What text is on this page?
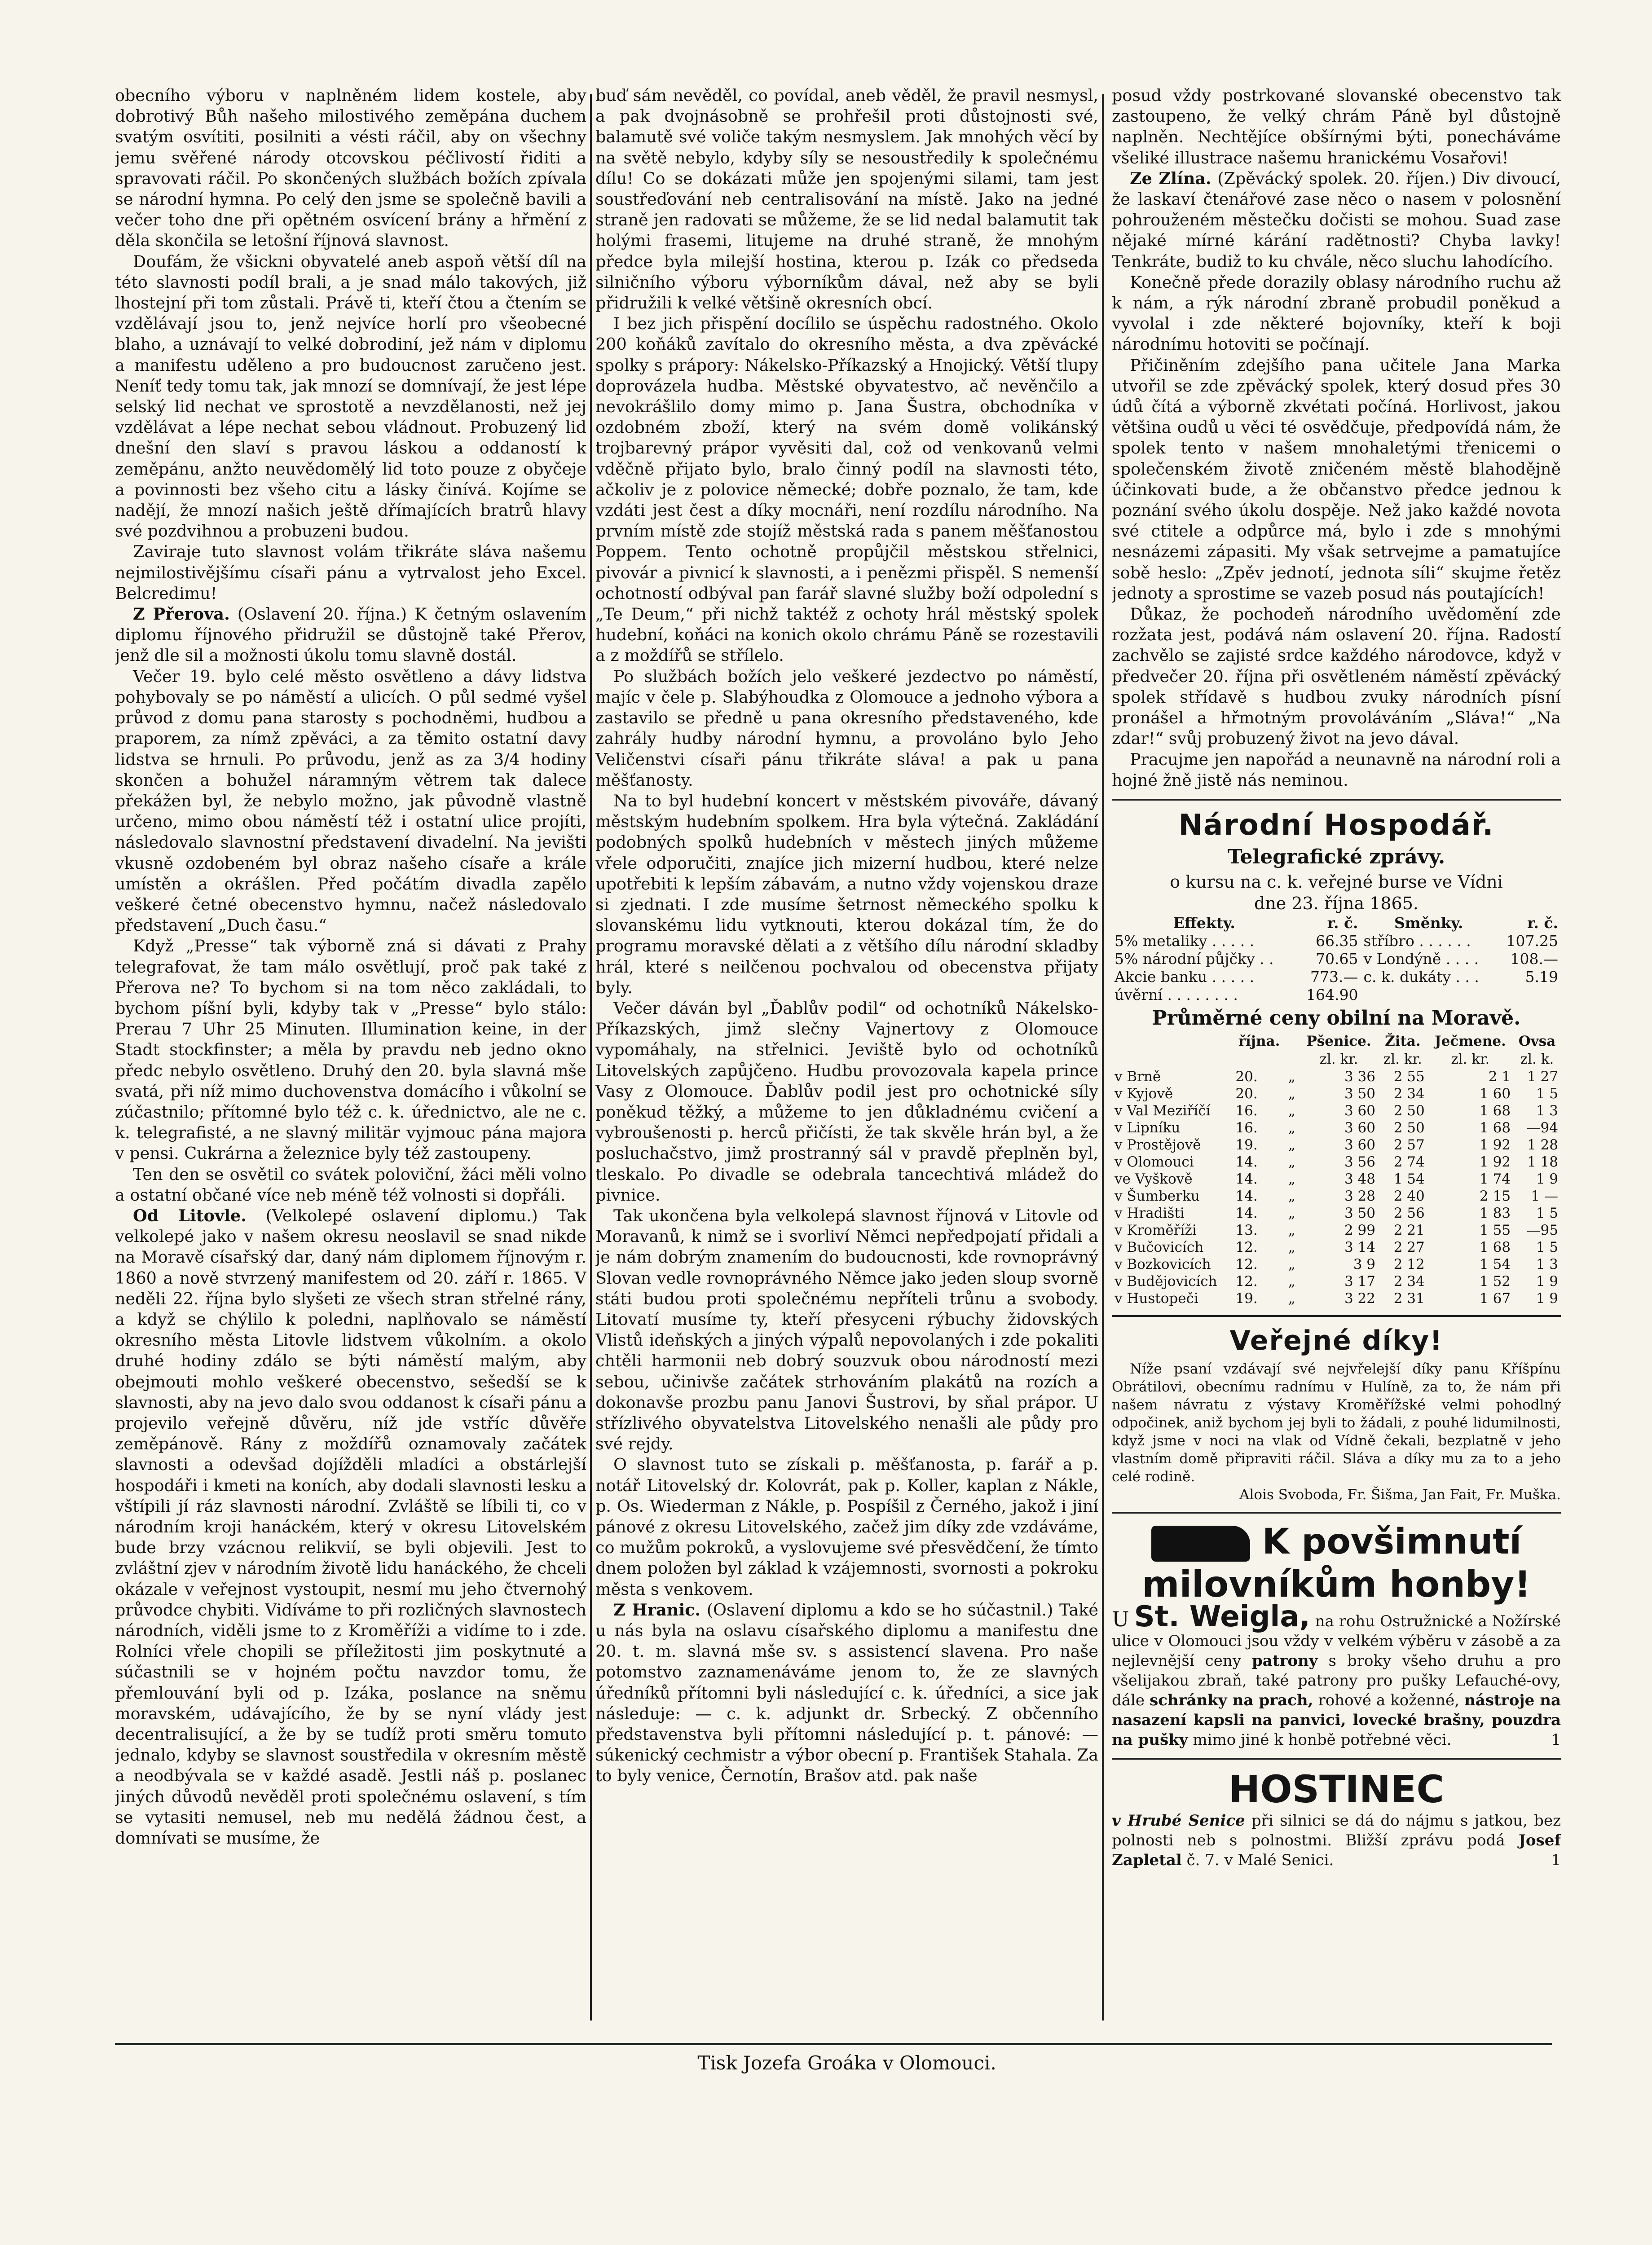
obecního výboru v naplněném lidem kostele, aby dobrotivý Bůh našeho milostivého zeměpána duchem svatým osvítiti, posilniti a vésti ráčil, aby on všechny jemu svěřené národy otcovskou péčlivostí řiditi a spravovati ráčil. Po skončených službách božích zpívala se národní hymna. Po celý den jsme se společně bavili a večer toho dne při opětném osvícení brány a hřmění z děla skončila se letošní říjnová slavnost.

Doufám, že všickni obyvatelé aneb aspoň větší díl na této slavnosti podíl brali, a je snad málo takových, již lhostejní při tom zůstali. Právě ti, kteří čtou a čtením se vzdělávají jsou to, jenž nejvíce horlí pro všeobecné blaho, a uznávají to velké dobrodiní, jež nám v diplomu a manifestu uděleno a pro budoucnost zaručeno jest. Neníť tedy tomu tak, jak mnozí se domnívají, že jest lépe selský lid nechat ve sprostotě a nevzdělanosti, než jej vzdělávat a lépe nechat sebou vládnout. Probuzený lid dnešní den slaví s pravou láskou a oddaností k zeměpánu, anžto neuvědomělý lid toto pouze z obyčeje a povinnosti bez všeho citu a lásky činívá. Kojíme se nadějí, že mnozí našich ještě dřímajících bratrů hlavy své pozdvihnou a probuzeni budou.

Zaviraje tuto slavnost volám třikráte sláva našemu nejmilostivějšímu císaři pánu a vytrvalost jeho Excel. Belcredimu!

Z Přerova. (Oslavení 20. října.) K četným oslavením diplomu říjnového přidružil se důstojně také Přerov, jenž dle sil a možnosti úkolu tomu slavně dostál.

Večer 19. bylo celé město osvětleno a dávy lidstva pohybovaly se po náměstí a ulicích. O půl sedmé vyšel průvod z domu pana starosty s pochodněmi, hudbou a praporem, za nímž zpěváci, a za těmito ostatní davy lidstva se hrnuli. Po průvodu, jenž as za 3/4 hodiny skončen a bohužel náramným větrem tak dalece překážen byl, že nebylo možno, jak původně vlastně určeno, mimo obou náměstí též i ostatní ulice projíti, následovalo slavnostní představení divadelní. Na jevišti vkusně ozdobeném byl obraz našeho císaře a krále umístěn a okrášlen. Před počátím divadla zapělo veškeré četné obecenstvo hymnu, načež následovalo představení „Duch času.“

Když „Presse“ tak výborně zná si dávati z Prahy telegrafovat, že tam málo osvětlují, proč pak také z Přerova ne? To bychom si na tom něco zakládali, to bychom píšní byli, kdyby tak v „Presse“ bylo stálo: Prerau 7 Uhr 25 Minuten. Illumination keine, in der Stadt stockfinster; a měla by pravdu neb jedno okno předc nebylo osvětleno. Druhý den 20. byla slavná mše svatá, při níž mimo duchovenstva domácího i vůkolní se zúčastnilo; přítomné bylo též c. k. úřednictvo, ale ne c. k. telegrafisté, a ne slavný militär vyjmouc pána majora v pensi. Cukrárna a železnice byly též zastoupeny.

Ten den se osvětil co svátek poloviční, žáci měli volno a ostatní občané více neb méně též volnosti si dopřáli.

Od Litovle. (Velkolepé oslavení diplomu.) Tak velkolepé jako v našem okresu neoslavil se snad nikde na Moravě císařský dar, daný nám diplomem říjnovým r. 1860 a nově stvrzený manifestem od 20. září r. 1865. V neděli 22. října bylo slyšeti ze všech stran střelné rány, a když se chýlilo k poledni, naplňovalo se náměstí okresního města Litovle lidstvem vůkolním. a okolo druhé hodiny zdálo se býti náměstí malým, aby obejmouti mohlo veškeré obecenstvo, sešedší se k slavnosti, aby na jevo dalo svou oddanost k císaři pánu a projevilo veřejně důvěru, níž jde vstříc důvěře zeměpánově. Rány z moždířů oznamovaly začátek slavnosti a odevšad dojížděli mladíci a obstárlejší hospodáři i kmeti na koních, aby dodali slavnosti lesku a vštípili jí ráz slavnosti národní. Zvláště se líbili ti, co v národním kroji hanáckém, který v okresu Litovelském bude brzy vzácnou relikvií, se byli objevili. Jest to zvláštní zjev v národním životě lidu hanáckého, že chceli okázale v veřejnost vystoupit, nesmí mu jeho čtvernohý průvodce chybiti. Vidíváme to při rozličných slavnostech národních, viděli jsme to z Kroměříži a vidíme to i zde. Rolníci vřele chopili se příležitosti jim poskytnuté a súčastnili se v hojném počtu navzdor tomu, že přemlouvání byli od p. Izáka, poslance na sněmu moravském, udávajícího, že by se nyní vlády jest decentralisující, a že by se tudíž proti směru tomuto jednalo, kdyby se slavnost soustředila v okresním městě a neodbývala se v každé asadě. Jestli náš p. poslanec jiných důvodů nevěděl proti společnému oslavení, s tím se vytasiti nemusel, neb mu nedělá žádnou čest, a domnívati se musíme, že

buď sám nevěděl, co povídal, aneb věděl, že pravil nesmysl, a pak dvojnásobně se prohřešil proti důstojnosti své, balamutě své voliče takým nesmyslem. Jak mnohých věcí by na světě nebylo, kdyby síly se nesoustředily k společnému dílu! Co se dokázati může jen spojenými silami, tam jest soustřeďování neb centralisování na místě. Jako na jedné straně jen radovati se můžeme, že se lid nedal balamutit tak holými frasemi, litujeme na druhé straně, že mnohým předce byla milejší hostina, kterou p. Izák co předseda silničního výboru výborníkům dával, než aby se byli přidružili k velké většině okresních obcí.

I bez jich přispění docílilo se úspěchu radostného. Okolo 200 koňáků zavítalo do okresního města, a dva zpěvácké spolky s prápory: Nákelsko-Příkazský a Hnojický. Větší tlupy doprovázela hudba. Městské obyvatestvo, ač nevěnčilo a nevokrášlilo domy mimo p. Jana Šustra, obchodníka v ozdobném zboží, který na svém domě volikánský trojbarevný prápor vyvěsiti dal, což od venkovanů velmi vděčně přijato bylo, bralo činný podíl na slavnosti této, ačkoliv je z polovice německé; dobře poznalo, že tam, kde vzdáti jest čest a díky mocnáři, není rozdílu národního. Na prvním místě zde stojíž městská rada s panem měšťanostou Poppem. Tento ochotně propůjčil městskou střelnici, pivovár a pivnicí k slavnosti, a i penězmi přispěl. S nemenší ochotností odbýval pan farář slavné služby boží odpolední s „Te Deum,“ při nichž taktéž z ochoty hrál městský spolek hudební, koňáci na konich okolo chrámu Páně se rozestavili a z moždířů se střílelo.

Po službách božích jelo veškeré jezdectvo po náměstí, majíc v čele p. Slabýhoudka z Olomouce a jednoho výbora a zastavilo se předně u pana okresního představeného, kde zahrály hudby národní hymnu, a provoláno bylo Jeho Veličenstvi císaři pánu třikráte sláva! a pak u pana měšťanosty.

Na to byl hudební koncert v městském pivováře, dávaný městským hudebním spolkem. Hra byla výtečná. Zakládání podobných spolků hudebních v městech jiných můžeme vřele odporučiti, znajíce jich mizerní hudbou, které nelze upotřebiti k lepším zábavám, a nutno vždy vojenskou draze si zjednati. I zde musíme šetrnost německého spolku k slovanskému lidu vytknouti, kterou dokázal tím, že do programu moravské dělati a z většího dílu národní skladby hrál, které s neilčenou pochvalou od obecenstva přijaty byly.

Večer dáván byl „Ďablův podil“ od ochotníků Nákelsko-Příkazských, jimž slečny Vajnertovy z Olomouce vypomáhaly, na střelnici. Jeviště bylo od ochotníků Litovelských zapůjčeno. Hudbu provozovala kapela prince Vasy z Olomouce. Ďablův podil jest pro ochotnické síly poněkud těžký, a můžeme to jen důkladnému cvičení a vybroušenosti p. herců přičísti, že tak skvěle hrán byl, a že posluchačstvo, jimž prostranný sál v pravdě přeplněn byl, tleskalo. Po divadle se odebrala tancechtivá mládež do pivnice.

Tak ukončena byla velkolepá slavnost říjnová v Litovle od Moravanů, k nimž se i svorliví Němci nepředpojatí přidali a je nám dobrým znamením do budoucnosti, kde rovnoprávný Slovan vedle rovnoprávného Němce jako jeden sloup svorně státi budou proti společnému nepříteli trůnu a svobody. Litovatí musíme ty, kteří přesyceni rýbuchy židovských Vlistů ideňských a jiných výpalů nepovolaných i zde pokaliti chtěli harmonii neb dobrý souzvuk obou národností mezi sebou, učinivše začátek strhováním plakátů na rozích a dokonavše prozbu panu Janovi Šustrovi, by sňal prápor. U střízlivého obyvatelstva Litovelského nenašli ale půdy pro své rejdy.

O slavnost tuto se získali p. měšťanosta, p. farář a p. notář Litovelský dr. Kolovrát, pak p. Koller, kaplan z Nákle, p. Os. Wiederman z Nákle, p. Pospíšil z Černého, jakož i jiní pánové z okresu Litovelského, začež jim díky zde vzdáváme, co mužům pokroků, a vyslovujeme své přesvědčení, že tímto dnem položen byl základ k vzájemnosti, svornosti a pokroku města s venkovem.

Z Hranic. (Oslavení diplomu a kdo se ho súčastnil.) Také u nás byla na oslavu císařského diplomu a manifestu dne 20. t. m. slavná mše sv. s assistencí slavena. Pro naše potomstvo zaznamenáváme jenom to, že ze slavných úředníků přítomni byli následující c. k. úředníci, a sice jak následuje: — c. k. adjunkt dr. Srbecký. Z občenního představenstva byli přítomni následující p. t. pánové: — súkenický cechmistr a výbor obecní p. František Stahala. Za to byly venice, Černotín, Brašov atd. pak naše

posud vždy postrkované slovanské obecenstvo tak zastoupeno, že velký chrám Páně byl důstojně naplněn. Nechtějíce obšírnými býti, ponecháváme všeliké illustrace našemu hranickému Vosařovi!

Ze Zlína. (Zpěvácký spolek. 20. říjen.) Div divoucí, že laskaví čtenářové zase něco o nasem v polosnění pohrouženém městečku dočisti se mohou. Suad zase nějaké mírné kárání radětnosti? Chyba lavky! Tenkráte, budiž to ku chvále, něco sluchu lahodícího.

Konečně přede dorazily oblasy národního ruchu až k nám, a rýk národní zbraně probudil poněkud a vyvolal i zde některé bojovníky, kteří k boji národnímu hotoviti se počínají.

Přičiněním zdejšího pana učitele Jana Marka utvořil se zde zpěvácký spolek, který dosud přes 30 údů čítá a výborně zkvétati počíná. Horlivost, jakou většina oudů u věci té osvědčuje, předpovídá nám, že spolek tento v našem mnohaletými třenicemi o společenském životě zničeném městě blahodějně účinkovati bude, a že občanstvo předce jednou k poznání svého úkolu dospěje. Než jako každé novota své ctitele a odpůrce má, bylo i zde s mnohými nesnázemi zápasiti. My však setrvejme a pamatujíce sobě heslo: „Zpěv jednotí, jednota síli“ skujme řetěz jednoty a sprostime se vazeb posud nás poutajících!

Důkaz, že pochodeň národního uvědomění zde rozžata jest, podává nám oslavení 20. října. Radostí zachvělo se zajisté srdce každého národovce, když v předvečer 20. října při osvětleném náměstí zpěvácký spolek střídavě s hudbou zvuky národních písní pronášel a hřmotným provoláváním „Sláva!“ „Na zdar!“ svůj probuzený život na jevo dával.

Pracujme jen napořád a neunavně na národní roli a hojné žně jistě nás neminou.

Národní Hospodář.
Telegrafické zprávy.
o kursu na c. k. veřejné burse ve Vídni
dne 23. října 1865.
Effekty.	r. č.	Směnky.	r. č.
5% metaliky . . . . .	66.35	stříbro . . . . . .	107.25
5% národní půjčky . .	70.65	v Londýně . . . .	108.—
Akcie banku . . . . .	773.—	c. k. dukáty . . .	5.19
úvěrní . . . . . . . .	164.90		
Průměrné ceny obilní na Moravě.
	října.		Pšenice.	Žita.	Ječmene.	Ovsa
			zl. kr.	zl. kr.	zl. kr.	zl. k.
v Brně	20.	„	3 36	2 55	2 1	1 27
v Kyjově	20.	„	3 50	2 34	1 60	1 5
v Val Meziříčí	16.	„	3 60	2 50	1 68	1 3
v Lipníku	16.	„	3 60	2 50	1 68	—94
v Prostějově	19.	„	3 60	2 57	1 92	1 28
v Olomouci	14.	„	3 56	2 74	1 92	1 18
ve Vyškově	14.	„	3 48	1 54	1 74	1 9
v Šumberku	14.	„	3 28	2 40	2 15	1 —
v Hradišti	14.	„	3 50	2 56	1 83	1 5
v Kroměříži	13.	„	2 99	2 21	1 55	—95
v Bučovicích	12.	„	3 14	2 27	1 68	1 5
v Bozkovicích	12.	„	3 9	2 12	1 54	1 3
v Budějovicích	12.	„	3 17	2 34	1 52	1 9
v Hustopeči	19.	„	3 22	2 31	1 67	1 9
Veřejné díky!

Níže psaní vzdávají své nejvřelejší díky panu Kříšpínu Obrátilovi, obecnímu radnímu v Hulíně, za to, že nám při našem návratu z výstavy Kroměřížské velmi pohodlný odpočinek, aniž bychom jej byli to žádali, z pouhé lidumilnosti, když jsme v noci na vlak od Vídně čekali, bezplatně v jeho vlastním domě připraviti ráčil. Sláva a díky mu za to a jeho celé rodině.

Alois Svoboda, Fr. Šišma, Jan Fait, Fr. Muška.

K povšimnutí
milovníkům honby!

U St. Weigla, na rohu Ostružnické a Nožírské ulice v Olomouci jsou vždy v velkém výběru v zásobě a za nejlevnější ceny patrony s broky všeho druhu a pro všelijakou zbraň, také patrony pro pušky Lefauché-ovy, dále schránky na prach, rohové a koženné, nástroje na nasazení kapsli na panvici, lovecké brašny, pouzdra na pušky mimo jiné k honbě potřebné věci.	1

HOSTINEC

v Hrubé Senice při silnici se dá do nájmu s jatkou, bez polnosti neb s polnostmi. Bližší zprávu podá Josef Zapletal č. 7. v Malé Senici.	1

Tisk Jozefa Groáka v Olomouci.
